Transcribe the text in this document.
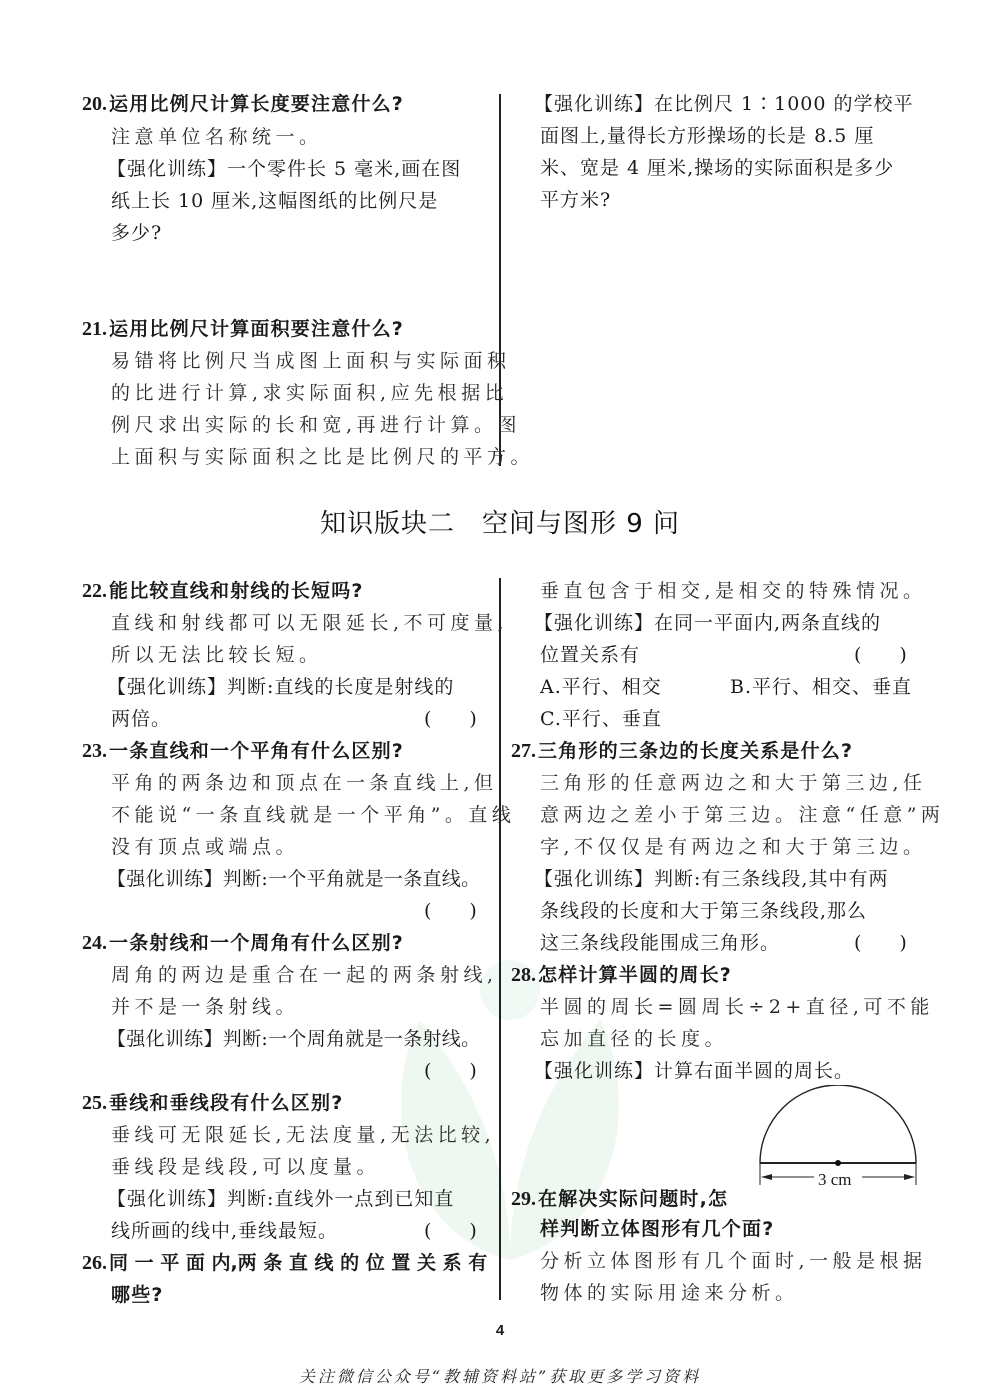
20. 运用比例尺计算长度要注意什么?
注意单位名称统一。
【强化训练】一个零件长 5 毫米,画在图
纸上长 10 厘米,这幅图纸的比例尺是
多少?
21. 运用比例尺计算面积要注意什么?
易错将比例尺当成图上面积与实际面积
的比进行计算,求实际面积,应先根据比
例尺求出实际的长和宽,再进行计算。图
上面积与实际面积之比是比例尺的平方。
【强化训练】在比例尺 1∶1000 的学校平
面图上,量得长方形操场的长是 8.5 厘
米、宽是 4 厘米,操场的实际面积是多少
平方米?
知识版块二　空间与图形 9 问
22. 能比较直线和射线的长短吗?
直线和射线都可以无限延长,不可度量,
所以无法比较长短。
【强化训练】判断:直线的长度是射线的
两倍。	(　　)
23. 一条直线和一个平角有什么区别?
平角的两条边和顶点在一条直线上,但
不能说“一条直线就是一个平角”。直线
没有顶点或端点。
【强化训练】判断:一个平角就是一条直线。
(　　)
24. 一条射线和一个周角有什么区别?
周角的两边是重合在一起的两条射线,
并不是一条射线。
【强化训练】判断:一个周角就是一条射线。
(　　)
25. 垂线和垂线段有什么区别?
垂线可无限延长,无法度量,无法比较,
垂线段是线段,可以度量。
【强化训练】判断:直线外一点到已知直
线所画的线中,垂线最短。	(　　)
26. 同 一 平 面 内,两 条 直 线 的 位 置 关 系 有
哪些?
垂直包含于相交,是相交的特殊情况。
【强化训练】在同一平面内,两条直线的
位置关系有	(　　)
A.平行、相交	B.平行、相交、垂直
C.平行、垂直
27. 三角形的三条边的长度关系是什么?
三角形的任意两边之和大于第三边,任
意两边之差小于第三边。注意“任意”两
字,不仅仅是有两边之和大于第三边。
【强化训练】判断:有三条线段,其中有两
条线段的长度和大于第三条线段,那么
这三条线段能围成三角形。	(　　)
28. 怎样计算半圆的周长?
半圆的周长=圆周长÷2+直径,可不能
忘加直径的长度。
【强化训练】计算右面半圆的周长。
3 cm
29. 在解决实际问题时,怎
样判断立体图形有几个面?
分析立体图形有几个面时,一般是根据
物体的实际用途来分析。
4
关注微信公众号“教辅资料站”获取更多学习资料
